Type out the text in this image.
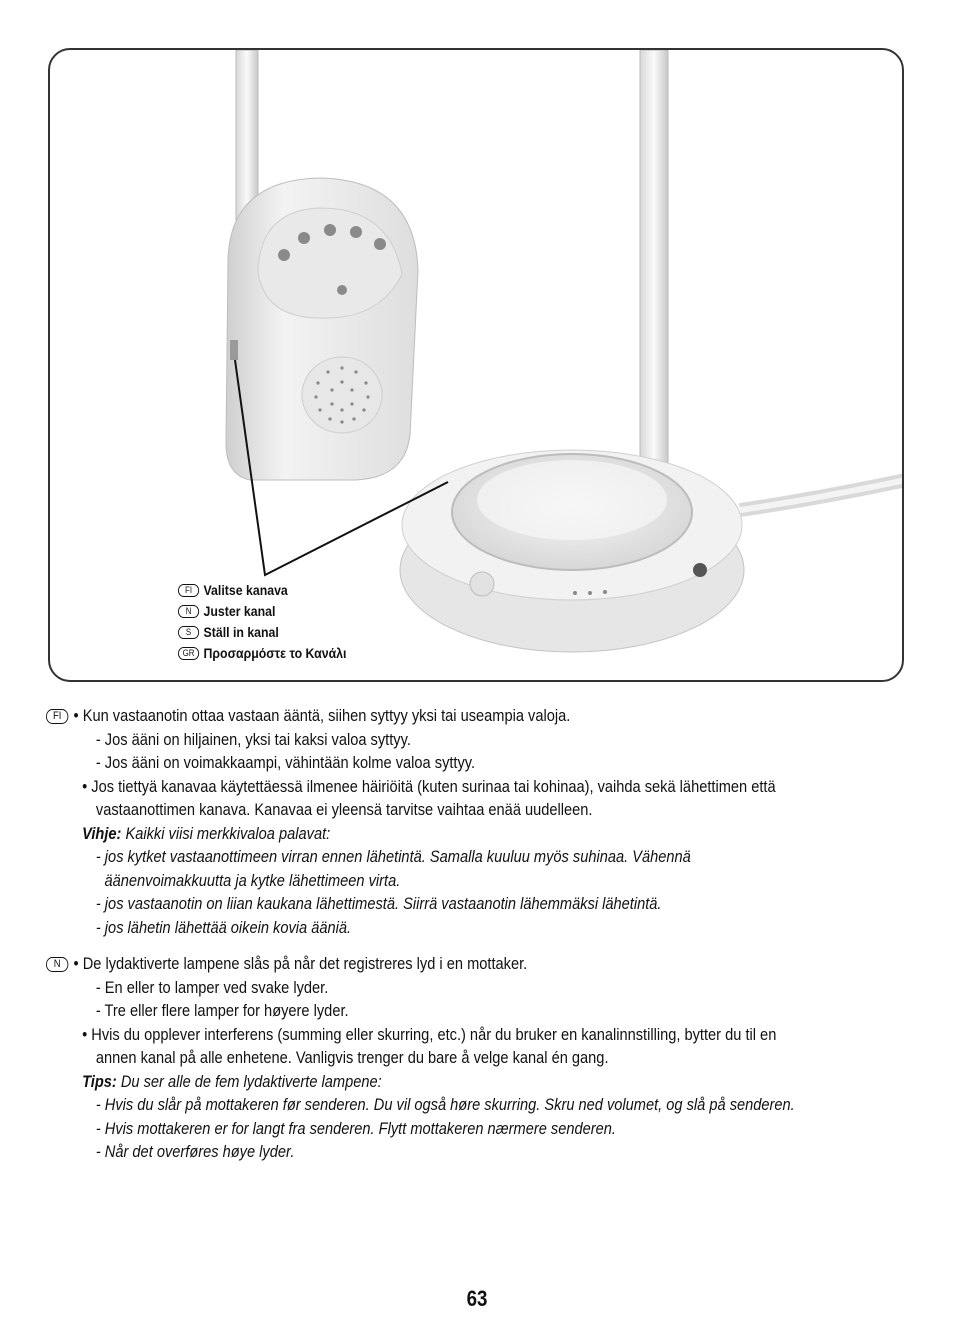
FI Valitse kanava
N Juster kanal
S Ställ in kanal
GR Προσαρμόστε το Κανάλι
FI • Kun vastaanotin ottaa vastaan ääntä, siihen syttyy yksi tai useampia valoja.
- Jos ääni on hiljainen, yksi tai kaksi valoa syttyy.
- Jos ääni on voimakkaampi, vähintään kolme valoa syttyy.
• Jos tiettyä kanavaa käytettäessä ilmenee häiriöitä (kuten surinaa tai kohinaa), vaihda sekä lähettimen että
vastaanottimen kanava. Kanavaa ei yleensä tarvitse vaihtaa enää uudelleen.
Vihje: Kaikki viisi merkkivaloa palavat:
- jos kytket vastaanottimeen virran ennen lähetintä. Samalla kuuluu myös suhinaa. Vähennä
äänenvoimakkuutta ja kytke lähettimeen virta.
- jos vastaanotin on liian kaukana lähettimestä. Siirrä vastaanotin lähemmäksi lähetintä.
- jos lähetin lähettää oikein kovia ääniä.
N • De lydaktiverte lampene slås på når det registreres lyd i en mottaker.
- En eller to lamper ved svake lyder.
- Tre eller flere lamper for høyere lyder.
• Hvis du opplever interferens (summing eller skurring, etc.) når du bruker en kanalinnstilling, bytter du til en
annen kanal på alle enhetene. Vanligvis trenger du bare å velge kanal én gang.
Tips: Du ser alle de fem lydaktiverte lampene:
- Hvis du slår på mottakeren før senderen. Du vil også høre skurring. Skru ned volumet, og slå på senderen.
- Hvis mottakeren er for langt fra senderen. Flytt mottakeren nærmere senderen.
- Når det overføres høye lyder.
63
